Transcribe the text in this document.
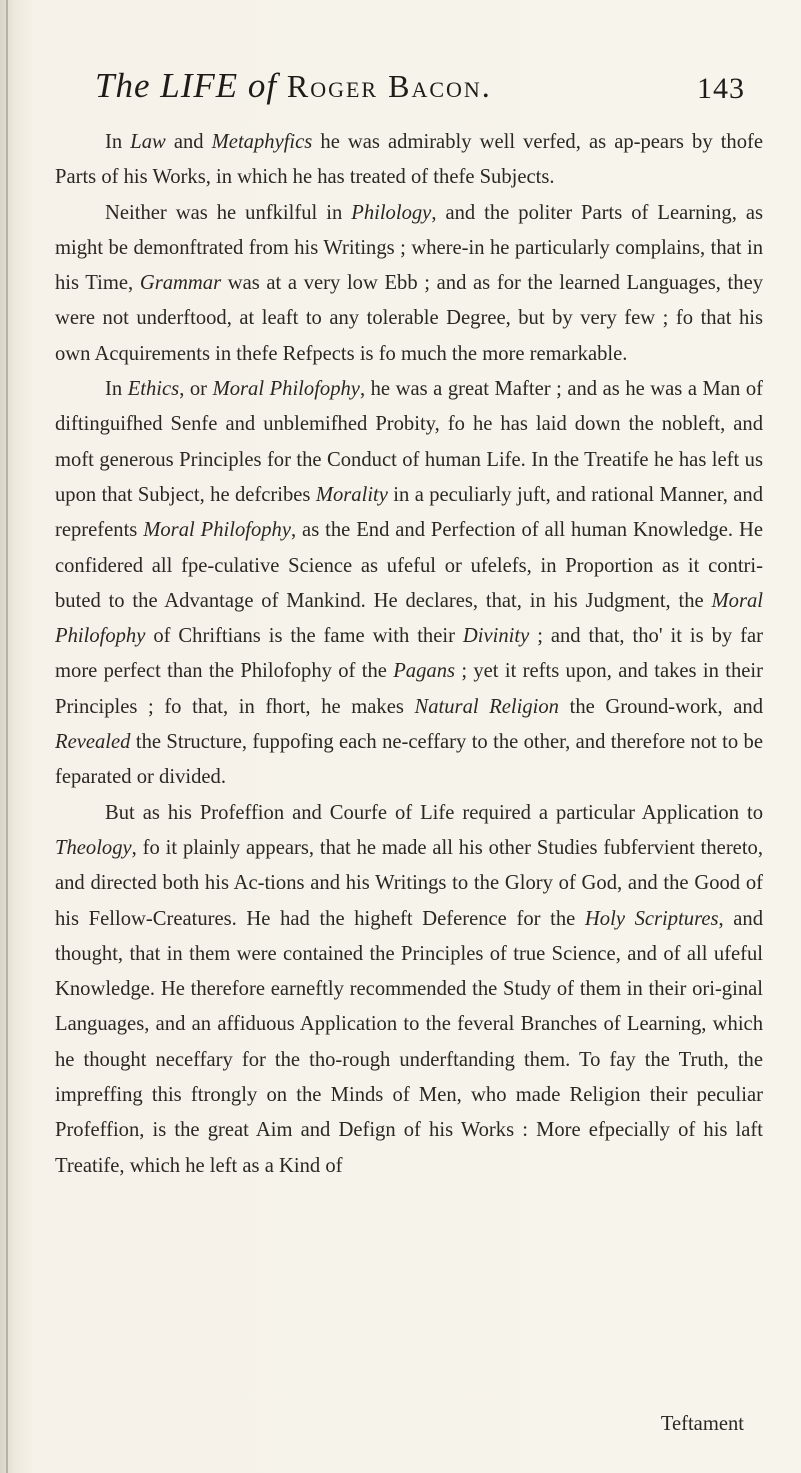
The LIFE of Roger Bacon.	143

In Law and Metaphyfics he was admirably well verfed, as ap-pears by thofe Parts of his Works, in which he has treated of thefe Subjects.

Neither was he unfkilful in Philology, and the politer Parts of Learning, as might be demonftrated from his Writings ; where-in he particularly complains, that in his Time, Grammar was at a very low Ebb ; and as for the learned Languages, they were not underftood, at leaft to any tolerable Degree, but by very few ; fo that his own Acquirements in thefe Refpects is fo much the more remarkable.

In Ethics, or Moral Philofophy, he was a great Mafter ; and as he was a Man of diftinguifhed Senfe and unblemifhed Probity, fo he has laid down the nobleft, and moft generous Principles for the Conduct of human Life. In the Treatife he has left us upon that Subject, he defcribes Morality in a peculiarly juft, and rational Manner, and reprefents Moral Philofophy, as the End and Perfection of all human Knowledge. He confidered all fpe-culative Science as ufeful or ufelefs, in Proportion as it contri-buted to the Advantage of Mankind. He declares, that, in his Judgment, the Moral Philofophy of Chriftians is the fame with their Divinity ; and that, tho' it is by far more perfect than the Philofophy of the Pagans ; yet it refts upon, and takes in their Principles ; fo that, in fhort, he makes Natural Religion the Ground-work, and Revealed the Structure, fuppofing each ne-ceffary to the other, and therefore not to be feparated or divided.

But as his Profeffion and Courfe of Life required a particular Application to Theology, fo it plainly appears, that he made all his other Studies fubfervient thereto, and directed both his Ac-tions and his Writings to the Glory of God, and the Good of his Fellow-Creatures. He had the higheft Deference for the Holy Scriptures, and thought, that in them were contained the Principles of true Science, and of all ufeful Knowledge. He therefore earneftly recommended the Study of them in their ori-ginal Languages, and an affiduous Application to the feveral Branches of Learning, which he thought neceffary for the tho-rough underftanding them. To fay the Truth, the impreffing this ftrongly on the Minds of Men, who made Religion their peculiar Profeffion, is the great Aim and Defign of his Works : More efpecially of his laft Treatife, which he left as a Kind of

Teftament
